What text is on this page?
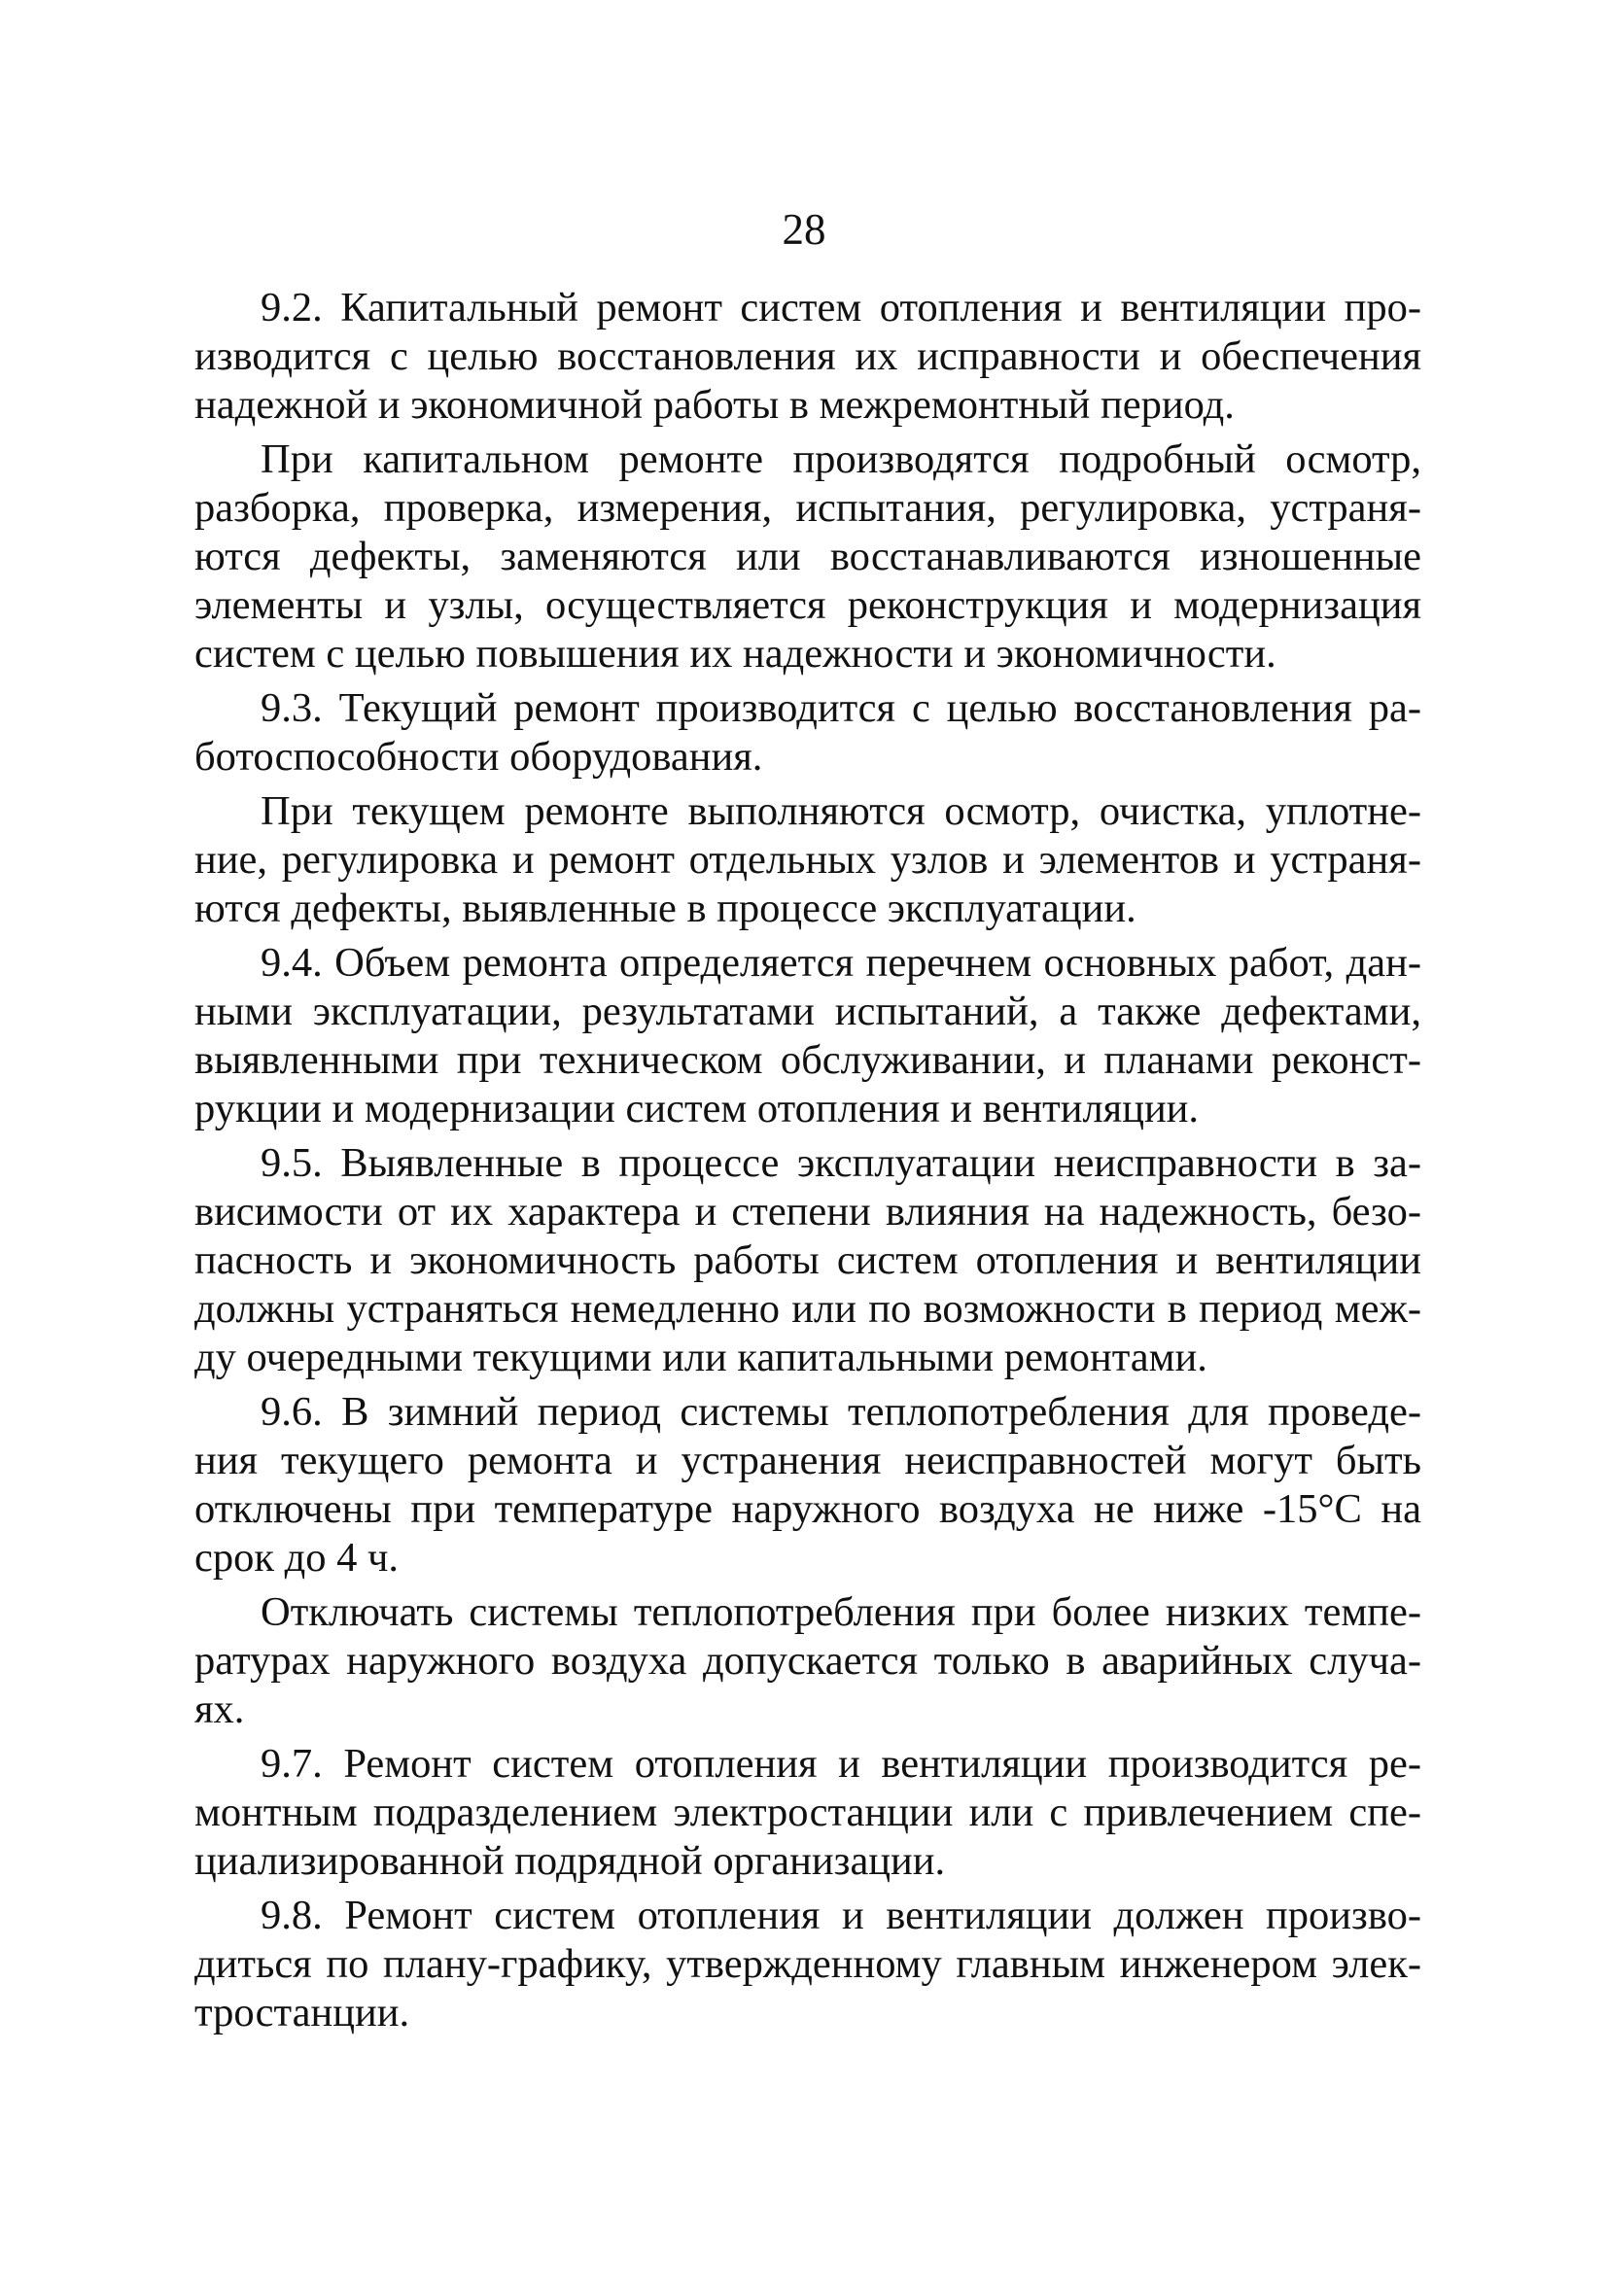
28

9.2. Капитальный ремонт систем отопления и вентиляции про-
изводится с целью восстановления их исправности и обеспечения
надежной и экономичной работы в межремонтный период.

При капитальном ремонте производятся подробный осмотр,
разборка, проверка, измерения, испытания, регулировка, устраня-
ются дефекты, заменяются или восстанавливаются изношенные
элементы и узлы, осуществляется реконструкция и модернизация
систем с целью повышения их надежности и экономичности.

9.3. Текущий ремонт производится с целью восстановления ра-
ботоспособности оборудования.

При текущем ремонте выполняются осмотр, очистка, уплотне-
ние, регулировка и ремонт отдельных узлов и элементов и устраня-
ются дефекты, выявленные в процессе эксплуатации.

9.4. Объем ремонта определяется перечнем основных работ, дан-
ными эксплуатации, результатами испытаний, а также дефектами,
выявленными при техническом обслуживании, и планами реконст-
рукции и модернизации систем отопления и вентиляции.

9.5. Выявленные в процессе эксплуатации неисправности в за-
висимости от их характера и степени влияния на надежность, безо-
пасность и экономичность работы систем отопления и вентиляции
должны устраняться немедленно или по возможности в период меж-
ду очередными текущими или капитальными ремонтами.

9.6. В зимний период системы теплопотребления для проведе-
ния текущего ремонта и устранения неисправностей могут быть
отключены при температуре наружного воздуха не ниже -15°С на
срок до 4 ч.

Отключать системы теплопотребления при более низких темпе-
ратурах наружного воздуха допускается только в аварийных случа-
ях.

9.7. Ремонт систем отопления и вентиляции производится ре-
монтным подразделением электростанции или с привлечением спе-
циализированной подрядной организации.

9.8. Ремонт систем отопления и вентиляции должен произво-
диться по плану-графику, утвержденному главным инженером элек-
тростанции.
